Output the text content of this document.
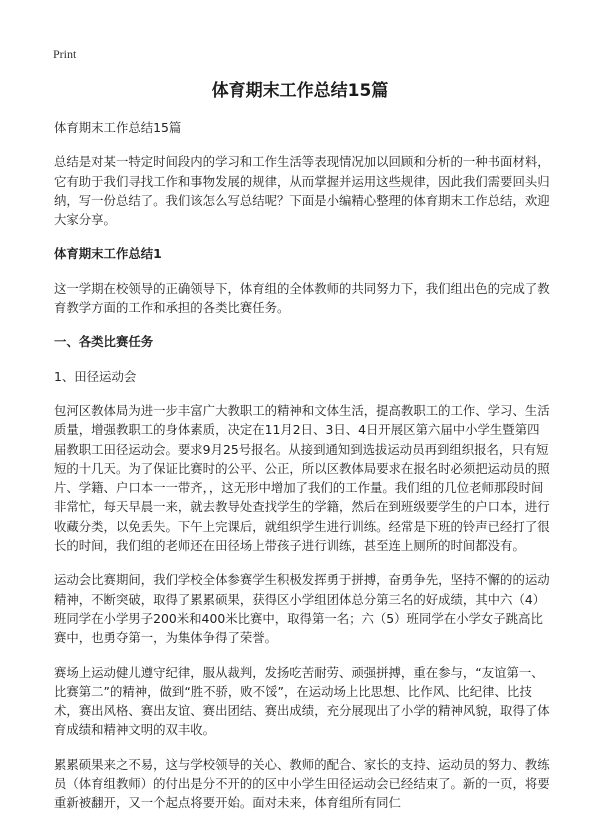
Print
体育期末工作总结15篇

体育期末工作总结15篇

总结是对某一特定时间段内的学习和工作生活等表现情况加以回顾和分析的一种书面材料，它有助于我们寻找工作和事物发展的规律，从而掌握并运用这些规律，因此我们需要回头归纳，写一份总结了。我们该怎么写总结呢？下面是小编精心整理的体育期末工作总结，欢迎大家分享。

体育期末工作总结1

这一学期在校领导的正确领导下，体育组的全体教师的共同努力下，我们组出色的完成了教育教学方面的工作和承担的各类比赛任务。

一、各类比赛任务

1、田径运动会

包河区教体局为进一步丰富广大教职工的精神和文体生活，提高教职工的工作、学习、生活质量，增强教职工的身体素质，决定在11月2日、3日、4日开展区第六届中小学生暨第四届教职工田径运动会。要求9月25号报名。从接到通知到选拔运动员再到组织报名，只有短短的十几天。为了保证比赛时的公平、公正，所以区教体局要求在报名时必须把运动员的照片、学籍、户口本一一带齐，，这无形中增加了我们的工作量。我们组的几位老师那段时间非常忙，每天早晨一来，就去教导处查找学生的学籍，然后在到班级要学生的户口本，进行收藏分类，以免丢失。下午上完课后，就组织学生进行训练。经常是下班的铃声已经打了很长的时间，我们组的老师还在田径场上带孩子进行训练，甚至连上厕所的时间都没有。

运动会比赛期间，我们学校全体参赛学生积极发挥勇于拼搏，奋勇争先，坚持不懈的的运动精神，不断突破，取得了累累硕果，获得区小学组团体总分第三名的好成绩，其中六（4）班同学在小学男子200米和400米比赛中，取得第一名；六（5）班同学在小学女子跳高比赛中，也勇夺第一，为集体争得了荣誉。

赛场上运动健儿遵守纪律，服从裁判，发扬吃苦耐劳、顽强拼搏，重在参与，“友谊第一、比赛第二”的精神，做到“胜不骄，败不馁”，在运动场上比思想、比作风、比纪律、比技术，赛出风格、赛出友谊、赛出团结、赛出成绩，充分展现出了小学的精神风貌，取得了体育成绩和精神文明的双丰收。

累累硕果来之不易，这与学校领导的关心、教师的配合、家长的支持、运动员的努力、教练员（体育组教师）的付出是分不开的的区中小学生田径运动会已经结束了。新的一页，将要重新被翻开，又一个起点将要开始。面对未来，体育组所有同仁
